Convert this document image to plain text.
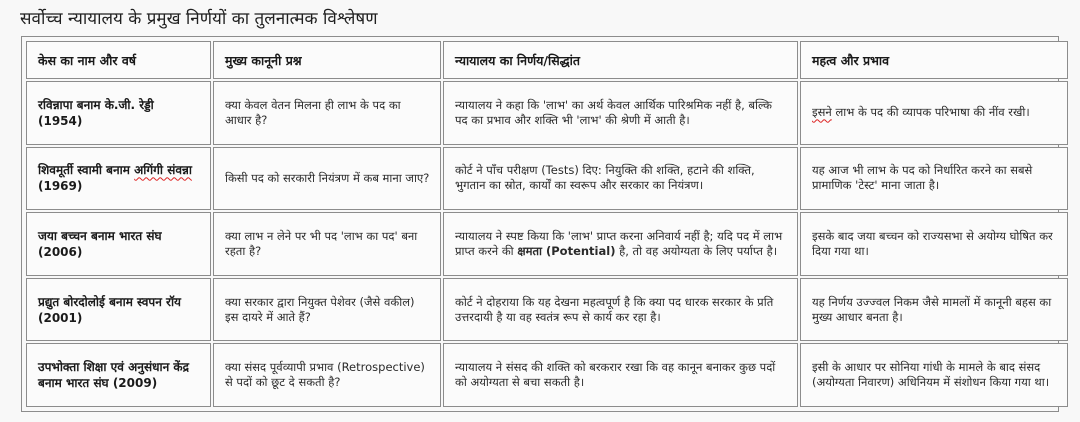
सर्वोच्च न्यायालय के प्रमुख निर्णयों का तुलनात्मक विश्लेषण
केस का नाम और वर्ष	मुख्य कानूनी प्रश्न	न्यायालय का निर्णय/सिद्धांत	महत्व और प्रभाव
रविन्नापा बनाम के.जी. रेड्डी (1954)	क्या केवल वेतन मिलना ही लाभ के पद का आधार है?	न्यायालय ने कहा कि 'लाभ' का अर्थ केवल आर्थिक पारिश्रमिक नहीं है, बल्कि पद का प्रभाव और शक्ति भी 'लाभ' की श्रेणी में आती है।	इसने लाभ के पद की व्यापक परिभाषा की नींव रखी।
शिवमूर्ती स्वामी बनाम अगिंगी संवन्ना (1969)	किसी पद को सरकारी नियंत्रण में कब माना जाए?	कोर्ट ने पाँच परीक्षण (Tests) दिए: नियुक्ति की शक्ति, हटाने की शक्ति, भुगतान का स्रोत, कार्यों का स्वरूप और सरकार का नियंत्रण।	यह आज भी लाभ के पद को निर्धारित करने का सबसे प्रामाणिक 'टेस्ट' माना जाता है।
जया बच्चन बनाम भारत संघ (2006)	क्या लाभ न लेने पर भी पद 'लाभ का पद' बना रहता है?	न्यायालय ने स्पष्ट किया कि 'लाभ' प्राप्त करना अनिवार्य नहीं है; यदि पद में लाभ प्राप्त करने की क्षमता (Potential) है, तो वह अयोग्यता के लिए पर्याप्त है।	इसके बाद जया बच्चन को राज्यसभा से अयोग्य घोषित कर दिया गया था।
प्रद्युत बोरदोलोई बनाम स्वपन रॉय (2001)	क्या सरकार द्वारा नियुक्त पेशेवर (जैसे वकील) इस दायरे में आते हैं?	कोर्ट ने दोहराया कि यह देखना महत्वपूर्ण है कि क्या पद धारक सरकार के प्रति उत्तरदायी है या वह स्वतंत्र रूप से कार्य कर रहा है।	यह निर्णय उज्ज्वल निकम जैसे मामलों में कानूनी बहस का मुख्य आधार बनता है।
उपभोक्ता शिक्षा एवं अनुसंधान केंद्र बनाम भारत संघ (2009)	क्या संसद पूर्वव्यापी प्रभाव (Retrospective) से पदों को छूट दे सकती है?	न्यायालय ने संसद की शक्ति को बरकरार रखा कि वह कानून बनाकर कुछ पदों को अयोग्यता से बचा सकती है।	इसी के आधार पर सोनिया गांधी के मामले के बाद संसद (अयोग्यता निवारण) अधिनियम में संशोधन किया गया था।
